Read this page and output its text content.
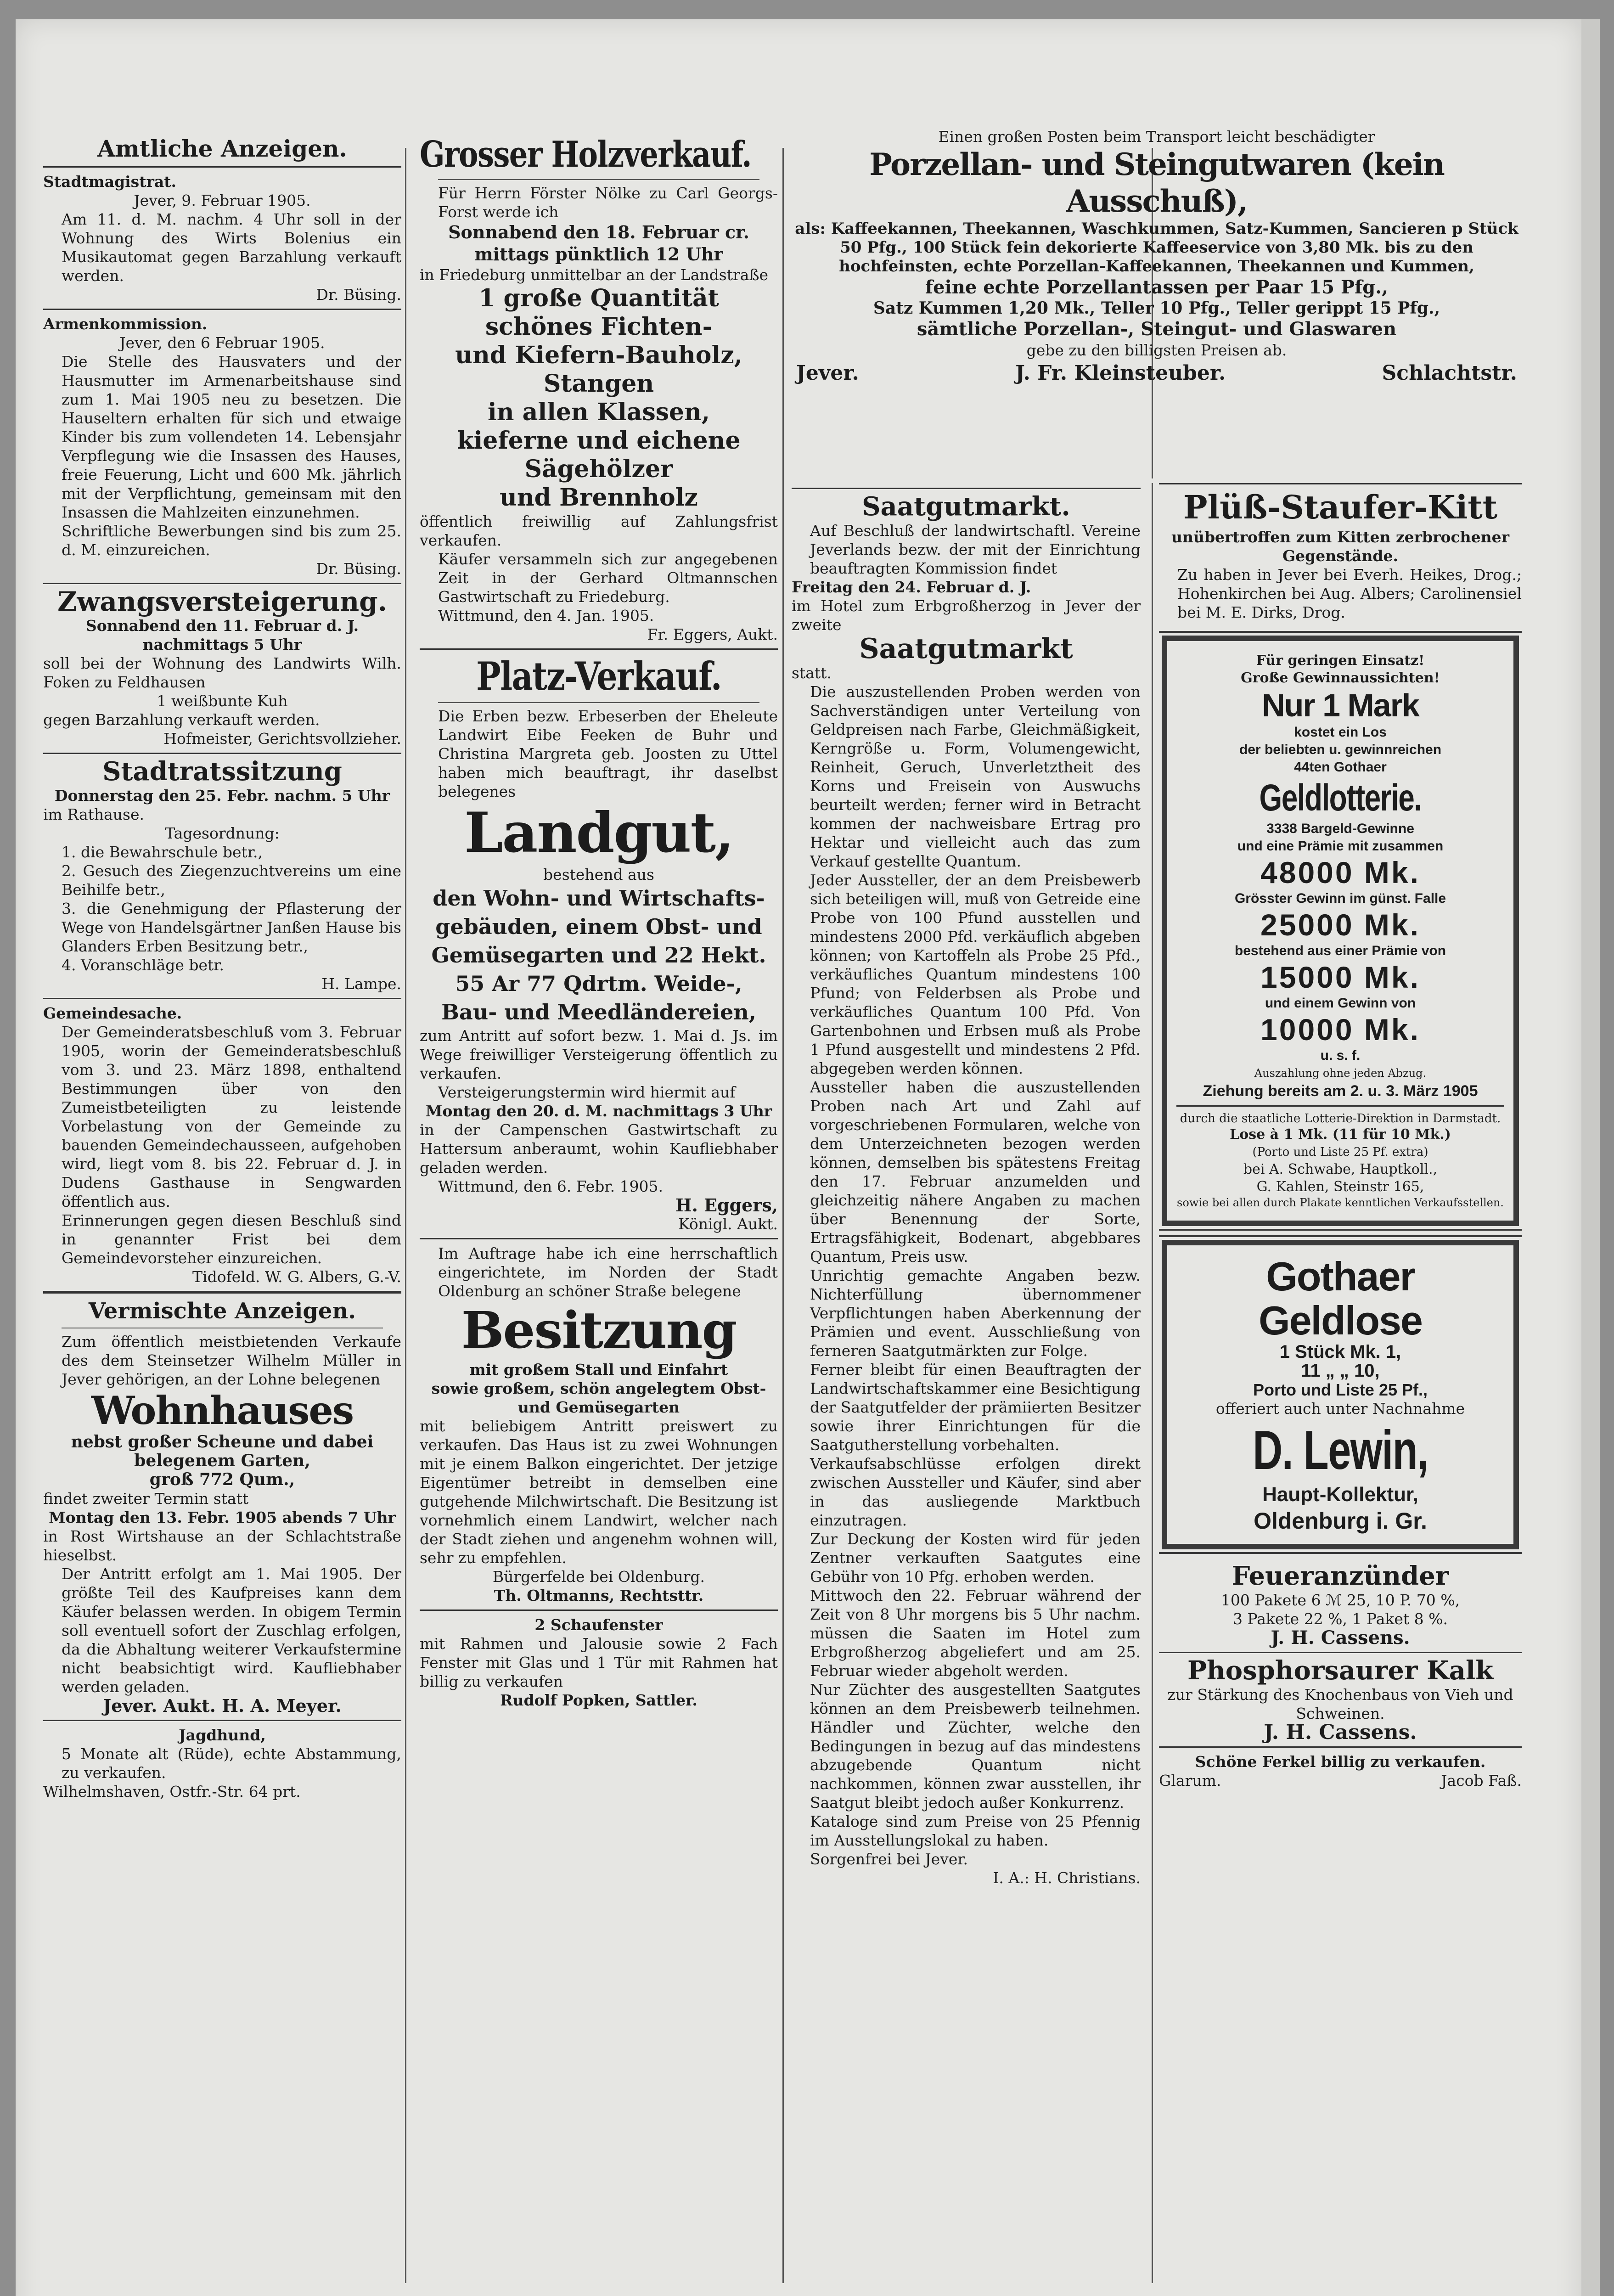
Amtliche Anzeigen.

Stadtmagistrat.

Jever, 9. Februar 1905.

Am 11. d. M. nachm. 4 Uhr soll in der Wohnung des Wirts Bolenius ein Musikautomat gegen Barzahlung verkauft werden.

Dr. Büsing.

Armenkommission.

Jever, den 6 Februar 1905.

Die Stelle des Hausvaters und der Hausmutter im Armenarbeitshause sind zum 1. Mai 1905 neu zu besetzen. Die Hauseltern erhalten für sich und etwaige Kinder bis zum vollendeten 14. Lebensjahr Verpflegung wie die Insassen des Hauses, freie Feuerung, Licht und 600 Mk. jährlich mit der Verpflichtung, gemeinsam mit den Insassen die Mahlzeiten einzunehmen.

Schriftliche Bewerbungen sind bis zum 25. d. M. einzureichen.

Dr. Büsing.

Zwangsversteigerung.

Sonnabend den 11. Februar d. J. nachmittags 5 Uhr

soll bei der Wohnung des Landwirts Wilh. Foken zu Feldhausen

1 weißbunte Kuh

gegen Barzahlung verkauft werden.

Hofmeister, Gerichtsvollzieher.

Stadtratssitzung

Donnerstag den 25. Febr. nachm. 5 Uhr

im Rathause.

Tagesordnung:

1. die Bewahrschule betr.,

2. Gesuch des Ziegenzuchtvereins um eine Beihilfe betr.,

3. die Genehmigung der Pflasterung der Wege von Handelsgärtner Janßen Hause bis Glanders Erben Besitzung betr.,

4. Voranschläge betr.

H. Lampe.

Gemeindesache.

Der Gemeinderatsbeschluß vom 3. Februar 1905, worin der Gemeinderatsbeschluß vom 3. und 23. März 1898, enthaltend Bestimmungen über von den Zumeistbeteiligten zu leistende Vorbelastung von der Gemeinde zu bauenden Gemeindechausseen, aufgehoben wird, liegt vom 8. bis 22. Februar d. J. in Dudens Gasthause in Sengwarden öffentlich aus.

Erinnerungen gegen diesen Beschluß sind in genannter Frist bei dem Gemeindevorsteher einzureichen.

Tidofeld. W. G. Albers, G.-V.

Vermischte Anzeigen.

Zum öffentlich meistbietenden Verkaufe des dem Steinsetzer Wilhelm Müller in Jever gehörigen, an der Lohne belegenen

Wohnhauses

nebst großer Scheune und dabei belegenem Garten,

groß 772 Qum.,

findet zweiter Termin statt

Montag den 13. Febr. 1905 abends 7 Uhr

in Rost Wirtshause an der Schlachtstraße hieselbst.

Der Antritt erfolgt am 1. Mai 1905. Der größte Teil des Kaufpreises kann dem Käufer belassen werden. In obigem Termin soll eventuell sofort der Zuschlag erfolgen, da die Abhaltung weiterer Verkaufstermine nicht beabsichtigt wird. Kaufliebhaber werden geladen.

Jever. Aukt. H. A. Meyer.

Jagdhund,

5 Monate alt (Rüde), echte Abstammung, zu verkaufen.

Wilhelmshaven, Ostfr.-Str. 64 prt.

Grosser Holzverkauf.

Für Herrn Förster Nölke zu Carl Georgs-Forst werde ich

Sonnabend den 18. Februar cr. mittags pünktlich 12 Uhr

in Friedeburg unmittelbar an der Landstraße

1 große Quantität

schönes Fichten-

und Kiefern-Bauholz,

Stangen

in allen Klassen,

kieferne und eichene

Sägehölzer

und Brennholz

öffentlich freiwillig auf Zahlungsfrist verkaufen.

Käufer versammeln sich zur angegebenen Zeit in der Gerhard Oltmannschen Gastwirtschaft zu Friedeburg.

Wittmund, den 4. Jan. 1905.

Fr. Eggers, Aukt.

Platz-Verkauf.

Die Erben bezw. Erbeserben der Eheleute Landwirt Eibe Feeken de Buhr und Christina Margreta geb. Joosten zu Uttel haben mich beauftragt, ihr daselbst belegenes

Landgut,

bestehend aus

den Wohn- und Wirtschafts-

gebäuden, einem Obst- und

Gemüsegarten und 22 Hekt.

55 Ar 77 Qdrtm. Weide-,

Bau- und Meedländereien,

zum Antritt auf sofort bezw. 1. Mai d. Js. im Wege freiwilliger Versteigerung öffentlich zu verkaufen.

Versteigerungstermin wird hiermit auf

Montag den 20. d. M. nachmittags 3 Uhr

in der Campenschen Gastwirtschaft zu Hattersum anberaumt, wohin Kaufliebhaber geladen werden.

Wittmund, den 6. Febr. 1905.

H. Eggers,

Königl. Aukt.

Im Auftrage habe ich eine herrschaftlich eingerichtete, im Norden der Stadt Oldenburg an schöner Straße belegene

Besitzung

mit großem Stall und Einfahrt

sowie großem, schön angelegtem Obst- und Gemüsegarten

mit beliebigem Antritt preiswert zu verkaufen. Das Haus ist zu zwei Wohnungen mit je einem Balkon eingerichtet. Der jetzige Eigentümer betreibt in demselben eine gutgehende Milchwirtschaft. Die Besitzung ist vornehmlich einem Landwirt, welcher nach der Stadt ziehen und angenehm wohnen will, sehr zu empfehlen.

Bürgerfelde bei Oldenburg.

Th. Oltmanns, Rechtsttr.

2 Schaufenster

mit Rahmen und Jalousie sowie 2 Fach Fenster mit Glas und 1 Tür mit Rahmen hat billig zu verkaufen

Rudolf Popken, Sattler.

Einen großen Posten beim Transport leicht beschädigter

Porzellan- und Steingutwaren (kein Ausschuß),

als: Kaffeekannen, Theekannen, Waschkummen, Satz-Kummen, Sancieren p Stück 50 Pfg., 100 Stück fein dekorierte Kaffeeservice von 3,80 Mk. bis zu den hochfeinsten, echte Porzellan-Kaffeekannen, Theekannen und Kummen,

feine echte Porzellantassen per Paar 15 Pfg.,

Satz Kummen 1,20 Mk., Teller 10 Pfg., Teller gerippt 15 Pfg.,

sämtliche Porzellan-, Steingut- und Glaswaren

gebe zu den billigsten Preisen ab.

Jever.	J. Fr. Kleinsteuber.	Schlachtstr.
Saatgutmarkt.

Auf Beschluß der landwirtschaftl. Vereine Jeverlands bezw. der mit der Einrichtung beauftragten Kommission findet

Freitag den 24. Februar d. J.

im Hotel zum Erbgroßherzog in Jever der zweite

Saatgutmarkt

statt.

Die auszustellenden Proben werden von Sachverständigen unter Verteilung von Geldpreisen nach Farbe, Gleichmäßigkeit, Kerngröße u. Form, Volumengewicht, Reinheit, Geruch, Unverletztheit des Korns und Freisein von Auswuchs beurteilt werden; ferner wird in Betracht kommen der nachweisbare Ertrag pro Hektar und vielleicht auch das zum Verkauf gestellte Quantum.

Jeder Aussteller, der an dem Preisbewerb sich beteiligen will, muß von Getreide eine Probe von 100 Pfund ausstellen und mindestens 2000 Pfd. verkäuflich abgeben können; von Kartoffeln als Probe 25 Pfd., verkäufliches Quantum mindestens 100 Pfund; von Felderbsen als Probe und verkäufliches Quantum 100 Pfd. Von Gartenbohnen und Erbsen muß als Probe 1 Pfund ausgestellt und mindestens 2 Pfd. abgegeben werden können.

Aussteller haben die auszustellenden Proben nach Art und Zahl auf vorgeschriebenen Formularen, welche von dem Unterzeichneten bezogen werden können, demselben bis spätestens Freitag den 17. Februar anzumelden und gleichzeitig nähere Angaben zu machen über Benennung der Sorte, Ertragsfähigkeit, Bodenart, abgebbares Quantum, Preis usw.

Unrichtig gemachte Angaben bezw. Nichterfüllung übernommener Verpflichtungen haben Aberkennung der Prämien und event. Ausschließung von ferneren Saatgutmärkten zur Folge.

Ferner bleibt für einen Beauftragten der Landwirtschaftskammer eine Besichtigung der Saatgutfelder der prämiierten Besitzer sowie ihrer Einrichtungen für die Saatgutherstellung vorbehalten.

Verkaufsabschlüsse erfolgen direkt zwischen Aussteller und Käufer, sind aber in das ausliegende Marktbuch einzutragen.

Zur Deckung der Kosten wird für jeden Zentner verkauften Saatgutes eine Gebühr von 10 Pfg. erhoben werden.

Mittwoch den 22. Februar während der Zeit von 8 Uhr morgens bis 5 Uhr nachm. müssen die Saaten im Hotel zum Erbgroßherzog abgeliefert und am 25. Februar wieder abgeholt werden.

Nur Züchter des ausgestellten Saatgutes können an dem Preisbewerb teilnehmen. Händler und Züchter, welche den Bedingungen in bezug auf das mindestens abzugebende Quantum nicht nachkommen, können zwar ausstellen, ihr Saatgut bleibt jedoch außer Konkurrenz.

Kataloge sind zum Preise von 25 Pfennig im Ausstellungslokal zu haben.

Sorgenfrei bei Jever.

I. A.: H. Christians.

Plüß-Staufer-Kitt

unübertroffen zum Kitten zerbrochener Gegenstände.

Zu haben in Jever bei Everh. Heikes, Drog.; Hohenkirchen bei Aug. Albers; Carolinensiel bei M. E. Dirks, Drog.

Für geringen Einsatz!

Große Gewinnaussichten!

Nur 1 Mark

kostet ein Los

der beliebten u. gewinnreichen

44ten Gothaer

Geldlotterie.

3338 Bargeld-Gewinne

und eine Prämie mit zusammen

48000 Mk.

Grösster Gewinn im günst. Falle

25000 Mk.

bestehend aus einer Prämie von

15000 Mk.

und einem Gewinn von

10000 Mk.

u. s. f.

Auszahlung ohne jeden Abzug.

Ziehung bereits am 2. u. 3. März 1905

durch die staatliche Lotterie-Direktion in Darmstadt.

Lose à 1 Mk. (11 für 10 Mk.)

(Porto und Liste 25 Pf. extra)

bei A. Schwabe, Hauptkoll.,

G. Kahlen, Steinstr 165,

sowie bei allen durch Plakate kenntlichen Verkaufsstellen.

Gothaer
Geldlose

1 Stück Mk. 1,

11 „ „ 10,

Porto und Liste 25 Pf.,

offeriert auch unter Nachnahme

D. Lewin,

Haupt-Kollektur,

Oldenburg i. Gr.

Feueranzünder

100 Pakete 6 ℳ 25, 10 P. 70 %,

3 Pakete 22 %, 1 Paket 8 %.

J. H. Cassens.

Phosphorsaurer Kalk

zur Stärkung des Knochenbaus von Vieh und Schweinen.

J. H. Cassens.

Schöne Ferkel billig zu verkaufen.

Glarum.	Jacob Faß.
